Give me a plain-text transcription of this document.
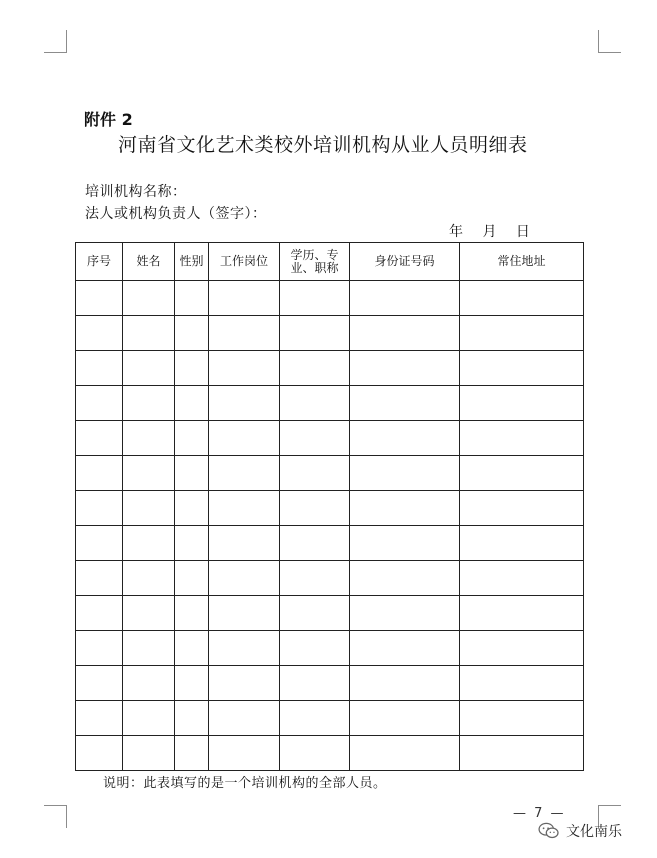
附件 2
河南省文化艺术类校外培训机构从业人员明细表
培训机构名称：
法人或机构负责人（签字）：
年 月 日
序号	姓名	性别	工作岗位	学历、专业、职称	身份证号码	常住地址

说明：此表填写的是一个培训机构的全部人员。
— 7 —
文化南乐
